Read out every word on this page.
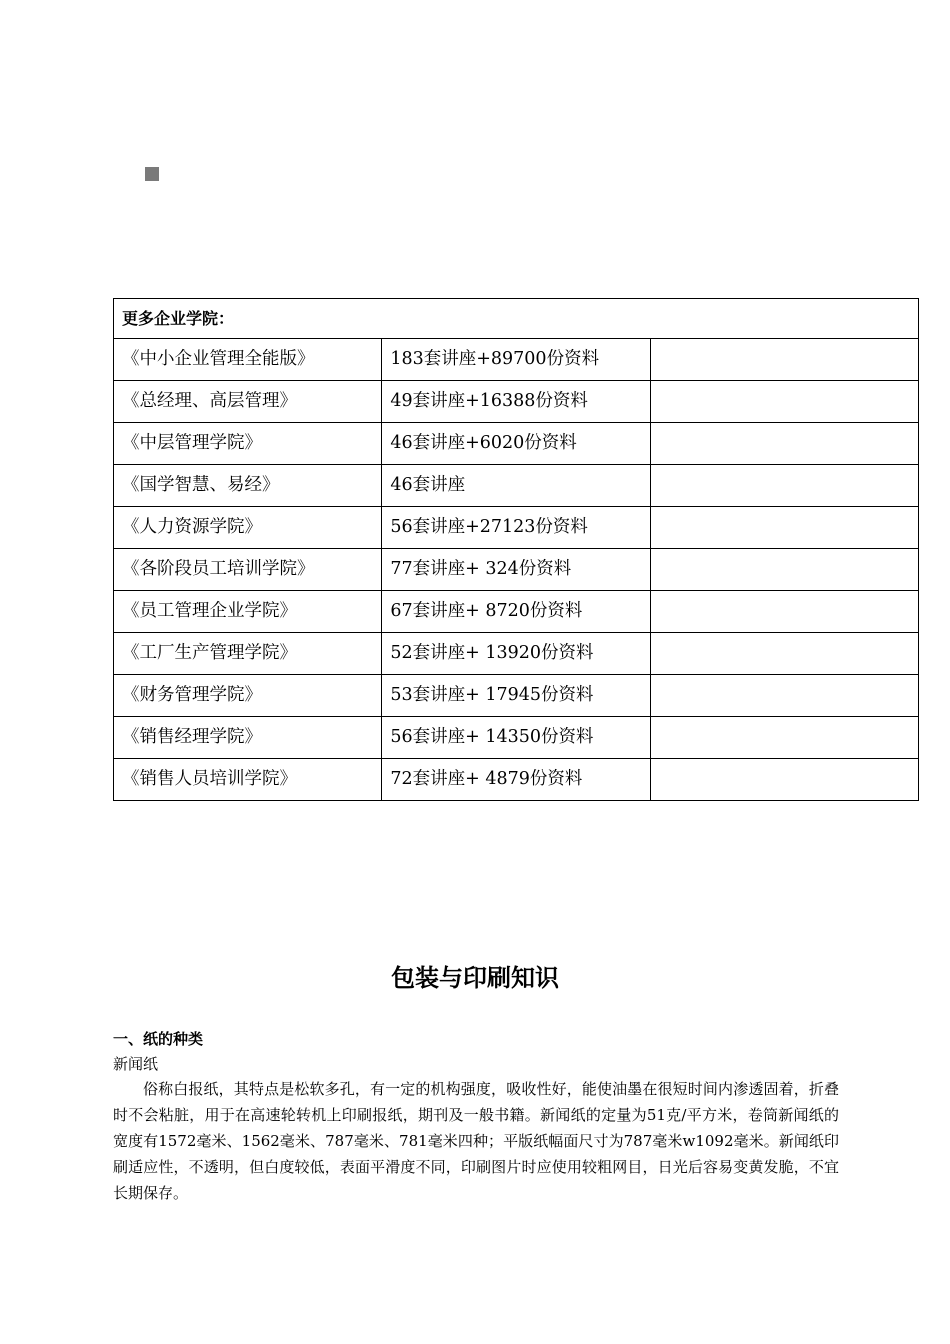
更多企业学院：		
《中小企业管理全能版》	183套讲座+89700份资料	
《总经理、高层管理》	49套讲座+16388份资料	
《中层管理学院》	46套讲座+6020份资料	
《国学智慧、易经》	46套讲座	
《人力资源学院》	56套讲座+27123份资料	
《各阶段员工培训学院》	77套讲座+ 324份资料	
《员工管理企业学院》	67套讲座+ 8720份资料	
《工厂生产管理学院》	52套讲座+ 13920份资料	
《财务管理学院》	53套讲座+ 17945份资料	
《销售经理学院》	56套讲座+ 14350份资料	
《销售人员培训学院》	72套讲座+ 4879份资料	
包装与印刷知识
一、纸的种类

新闻纸

俗称白报纸，其特点是松软多孔，有一定的机构强度，吸收性好，能使油墨在很短时间内渗透固着，折叠时不会粘脏，用于在高速轮转机上印刷报纸，期刊及一般书籍。新闻纸的定量为51克/平方米，卷筒新闻纸的宽度有1572毫米、1562毫米、787毫米、781毫米四种；平版纸幅面尺寸为787毫米w1092毫米。新闻纸印刷适应性，不透明，但白度较低，表面平滑度不同，印刷图片时应使用较粗网目，日光后容易变黄发脆，不宜长期保存。
